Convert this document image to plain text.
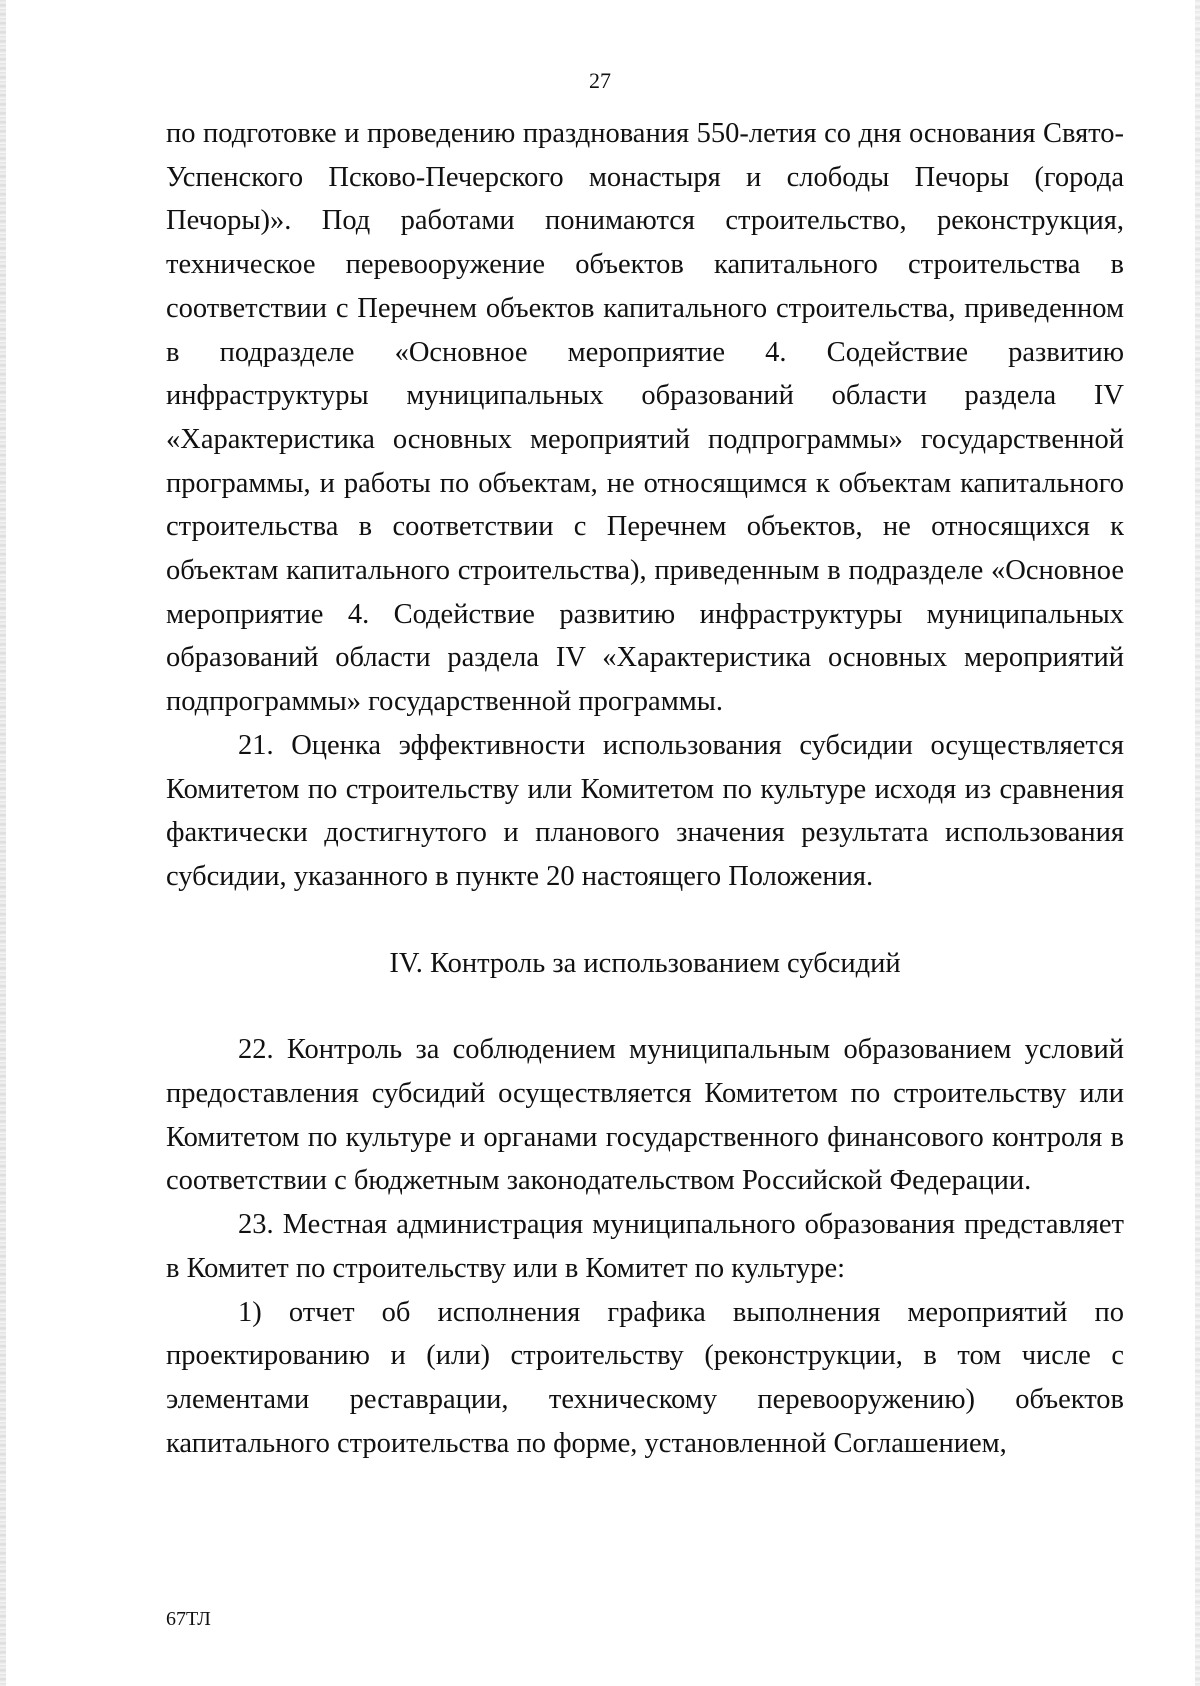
27

по подготовке и проведению празднования 550-летия со дня основания Свято-Успенского Псково-Печерского монастыря и слободы Печоры (города Печоры)». Под работами понимаются строительство, реконструкция, техническое перевооружение объектов капитального строительства в соответствии с Перечнем объектов капитального строительства, приведенном в подразделе «Основное мероприятие 4. Содействие развитию инфраструктуры муниципальных образований области раздела IV «Характеристика основных мероприятий подпрограммы» государственной программы, и работы по объектам, не относящимся к объектам капитального строительства в соответствии с Перечнем объектов, не относящихся к объектам капитального строительства), приведенным в подразделе «Основное мероприятие 4. Содействие развитию инфраструктуры муниципальных образований области раздела IV «Характеристика основных мероприятий подпрограммы» государственной программы.

21. Оценка эффективности использования субсидии осуществляется Комитетом по строительству или Комитетом по культуре исходя из сравнения фактически достигнутого и планового значения результата использования субсидии, указанного в пункте 20 настоящего Положения.

IV. Контроль за использованием субсидий

22. Контроль за соблюдением муниципальным образованием условий предоставления субсидий осуществляется Комитетом по строительству или Комитетом по культуре и органами государственного финансового контроля в соответствии с бюджетным законодательством Российской Федерации.

23. Местная администрация муниципального образования представляет в Комитет по строительству или в Комитет по культуре:

1) отчет об исполнения графика выполнения мероприятий по проектированию и (или) строительству (реконструкции, в том числе с элементами реставрации, техническому перевооружению) объектов капитального строительства по форме, установленной Соглашением,

67ТЛ
